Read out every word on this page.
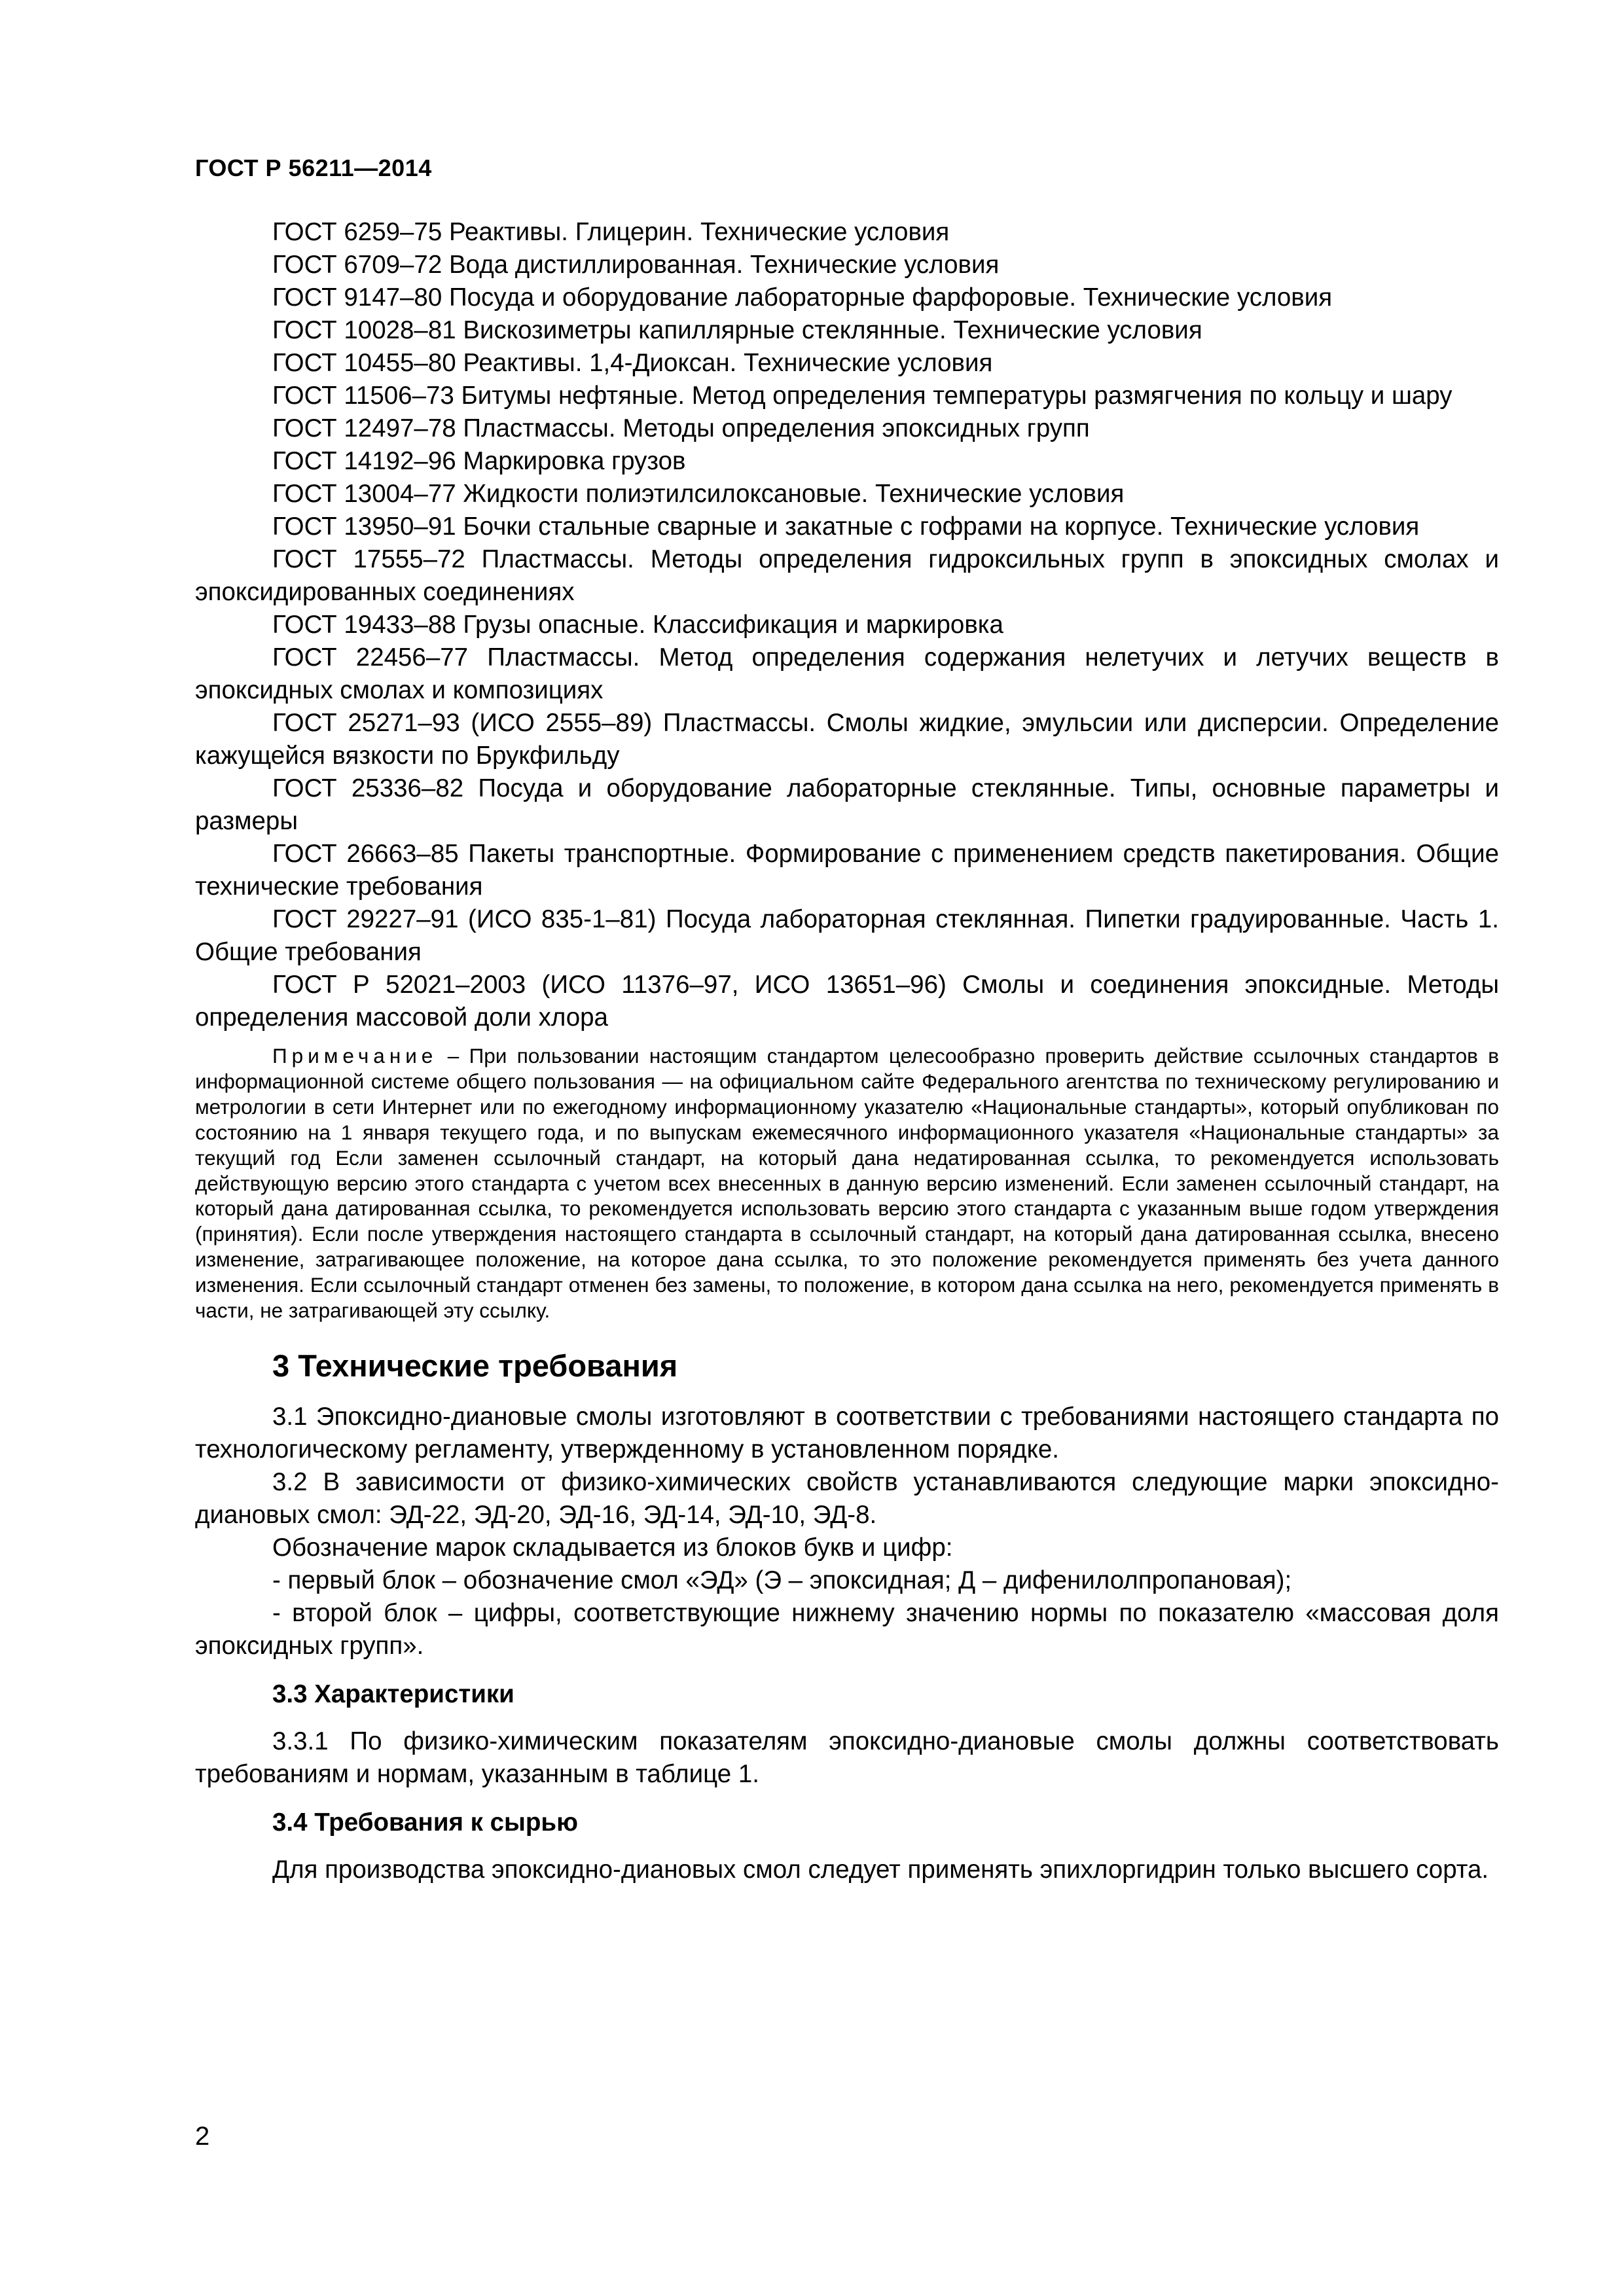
ГОСТ Р 56211—2014

ГОСТ 6259–75 Реактивы. Глицерин. Технические условия

ГОСТ 6709–72 Вода дистиллированная. Технические условия

ГОСТ 9147–80 Посуда и оборудование лабораторные фарфоровые. Технические условия

ГОСТ 10028–81 Вискозиметры капиллярные стеклянные. Технические условия

ГОСТ 10455–80 Реактивы. 1,4-Диоксан. Технические условия

ГОСТ 11506–73 Битумы нефтяные. Метод определения температуры размягчения по кольцу и шару

ГОСТ 12497–78 Пластмассы. Методы определения эпоксидных групп

ГОСТ 14192–96 Маркировка грузов

ГОСТ 13004–77 Жидкости полиэтилсилоксановые. Технические условия

ГОСТ 13950–91 Бочки стальные сварные и закатные с гофрами на корпусе. Технические условия

ГОСТ 17555–72 Пластмассы. Методы определения гидроксильных групп в эпоксидных смолах и эпоксидированных соединениях

ГОСТ 19433–88 Грузы опасные. Классификация и маркировка

ГОСТ 22456–77 Пластмассы. Метод определения содержания нелетучих и летучих веществ в эпоксидных смолах и композициях

ГОСТ 25271–93 (ИСО 2555–89) Пластмассы. Смолы жидкие, эмульсии или дисперсии. Определение кажущейся вязкости по Брукфильду

ГОСТ 25336–82 Посуда и оборудование лабораторные стеклянные. Типы, основные параметры и размеры

ГОСТ 26663–85 Пакеты транспортные. Формирование с применением средств пакетирования. Общие технические требования

ГОСТ 29227–91 (ИСО 835-1–81) Посуда лабораторная стеклянная. Пипетки градуированные. Часть 1. Общие требования

ГОСТ Р 52021–2003 (ИСО 11376–97, ИСО 13651–96) Смолы и соединения эпоксидные. Методы определения массовой доли хлора

Примечание – При пользовании настоящим стандартом целесообразно проверить действие ссылочных стандартов в информационной системе общего пользования — на официальном сайте Федерального агентства по техническому регулированию и метрологии в сети Интернет или по ежегодному информационному указателю «Национальные стандарты», который опубликован по состоянию на 1 января текущего года, и по выпускам ежемесячного информационного указателя «Национальные стандарты» за текущий год Если заменен ссылочный стандарт, на который дана недатированная ссылка, то рекомендуется использовать действующую версию этого стандарта с учетом всех внесенных в данную версию изменений. Если заменен ссылочный стандарт, на который дана датированная ссылка, то рекомендуется использовать версию этого стандарта с указанным выше годом утверждения (принятия). Если после утверждения настоящего стандарта в ссылочный стандарт, на который дана датированная ссылка, внесено изменение, затрагивающее положение, на которое дана ссылка, то это положение рекомендуется применять без учета данного изменения. Если ссылочный стандарт отменен без замены, то положение, в котором дана ссылка на него, рекомендуется применять в части, не затрагивающей эту ссылку.

3 Технические требования

3.1 Эпоксидно-диановые смолы изготовляют в соответствии с требованиями настоящего стандарта по технологическому регламенту, утвержденному в установленном порядке.

3.2 В зависимости от физико-химических свойств устанавливаются следующие марки эпоксидно-диановых смол: ЭД-22, ЭД-20, ЭД-16, ЭД-14, ЭД-10, ЭД-8.

Обозначение марок складывается из блоков букв и цифр:

- первый блок – обозначение смол «ЭД» (Э – эпоксидная; Д – дифенилолпропановая);

- второй блок – цифры, соответствующие нижнему значению нормы по показателю «массовая доля эпоксидных групп».

3.3 Характеристики

3.3.1 По физико-химическим показателям эпоксидно-диановые смолы должны соответствовать требованиям и нормам, указанным в таблице 1.

3.4 Требования к сырью

Для производства эпоксидно-диановых смол следует применять эпихлоргидрин только высшего сорта.

2
